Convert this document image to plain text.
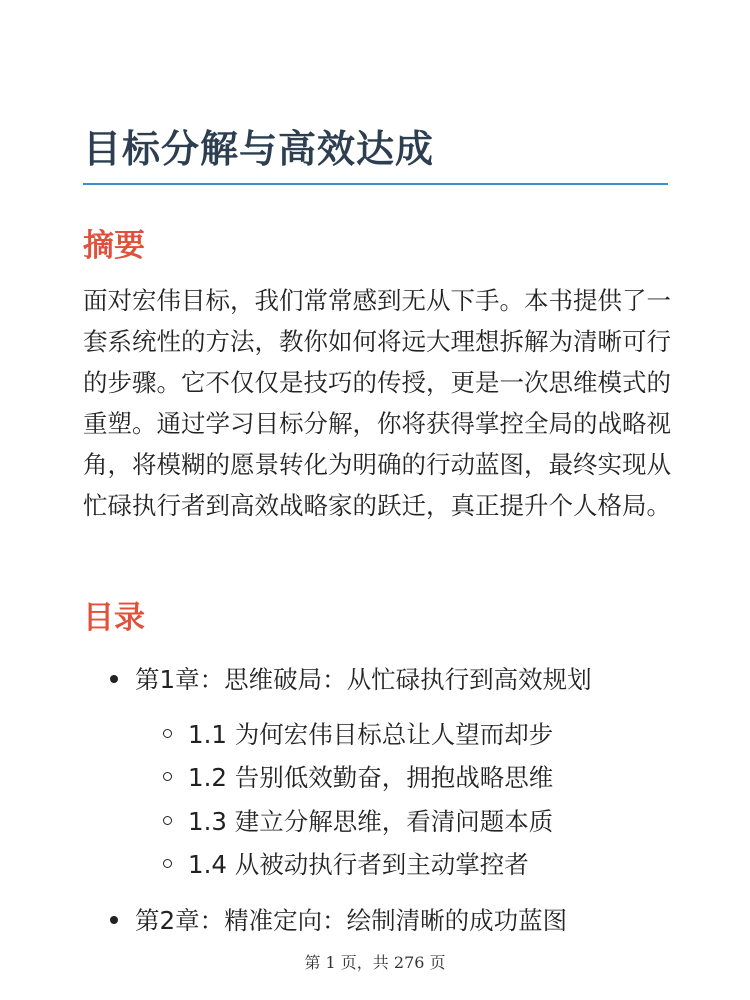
目标分解与高效达成
摘要

面对宏伟目标，我们常常感到无从下手。本书提供了一套系统性的方法，教你如何将远大理想拆解为清晰可行的步骤。它不仅仅是技巧的传授，更是一次思维模式的重塑。通过学习目标分解，你将获得掌控全局的战略视角，将模糊的愿景转化为明确的行动蓝图，最终实现从忙碌执行者到高效战略家的跃迁，真正提升个人格局。

目录
第1章：思维破局：从忙碌执行到高效规划
1.1 为何宏伟目标总让人望而却步
1.2 告别低效勤奋，拥抱战略思维
1.3 建立分解思维，看清问题本质
1.4 从被动执行者到主动掌控者
第2章：精准定向：绘制清晰的成功蓝图
第 1 页，共 276 页
